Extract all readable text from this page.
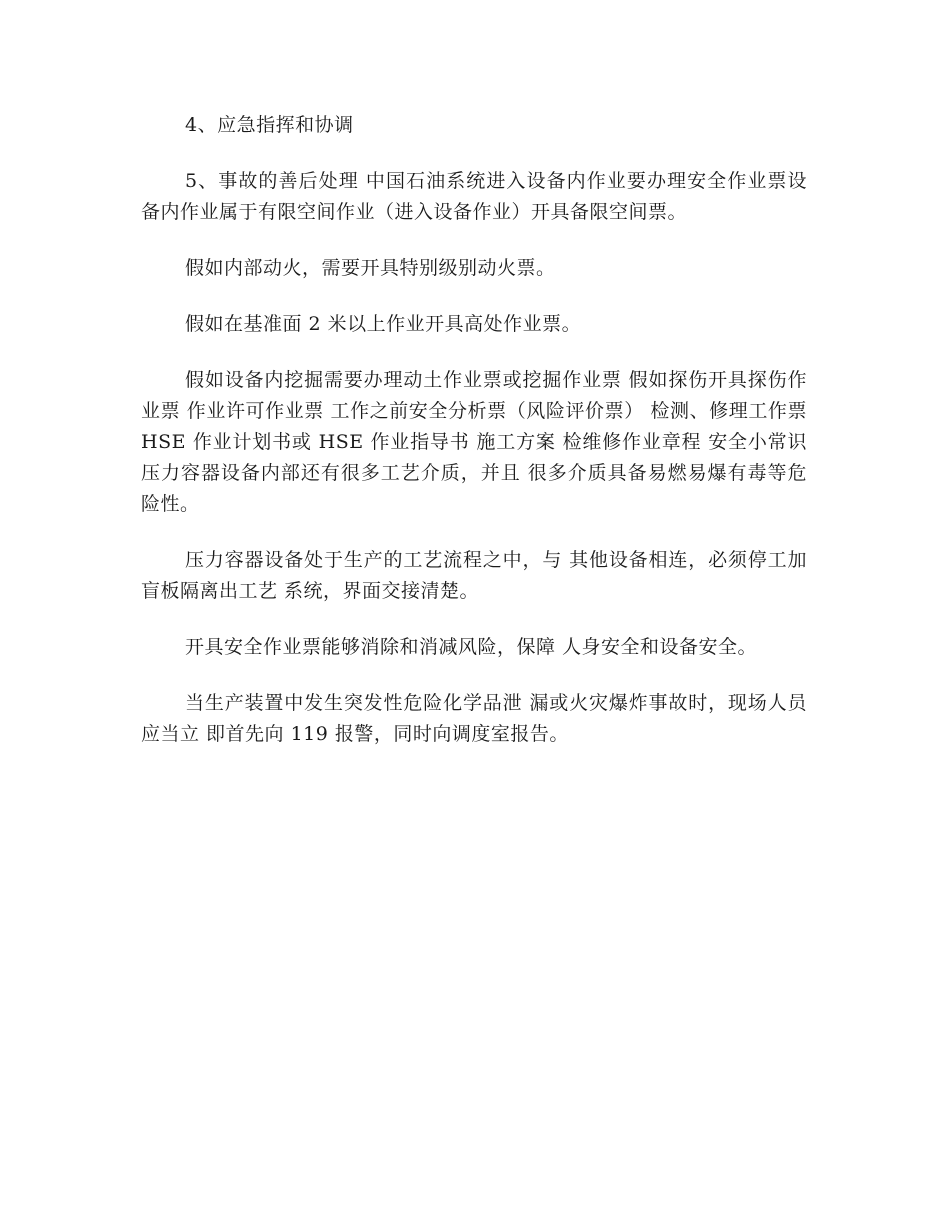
4、应急指挥和协调

5、事故的善后处理 中国石油系统进入设备内作业要办理安全作业票设备内作业属于有限空间作业（进入设备作业）开具备限空间票。

假如内部动火，需要开具特别级别动火票。

假如在基准面 2 米以上作业开具高处作业票。

假如设备内挖掘需要办理动土作业票或挖掘作业票 假如探伤开具探伤作业票 作业许可作业票 工作之前安全分析票（风险评价票） 检测、修理工作票 HSE 作业计划书或 HSE 作业指导书 施工方案 检维修作业章程 安全小常识压力容器设备内部还有很多工艺介质，并且 很多介质具备易燃易爆有毒等危险性。

压力容器设备处于生产的工艺流程之中，与 其他设备相连，必须停工加盲板隔离出工艺 系统，界面交接清楚。

开具安全作业票能够消除和消减风险，保障 人身安全和设备安全。

当生产装置中发生突发性危险化学品泄 漏或火灾爆炸事故时，现场人员应当立 即首先向 119 报警，同时向调度室报告。
